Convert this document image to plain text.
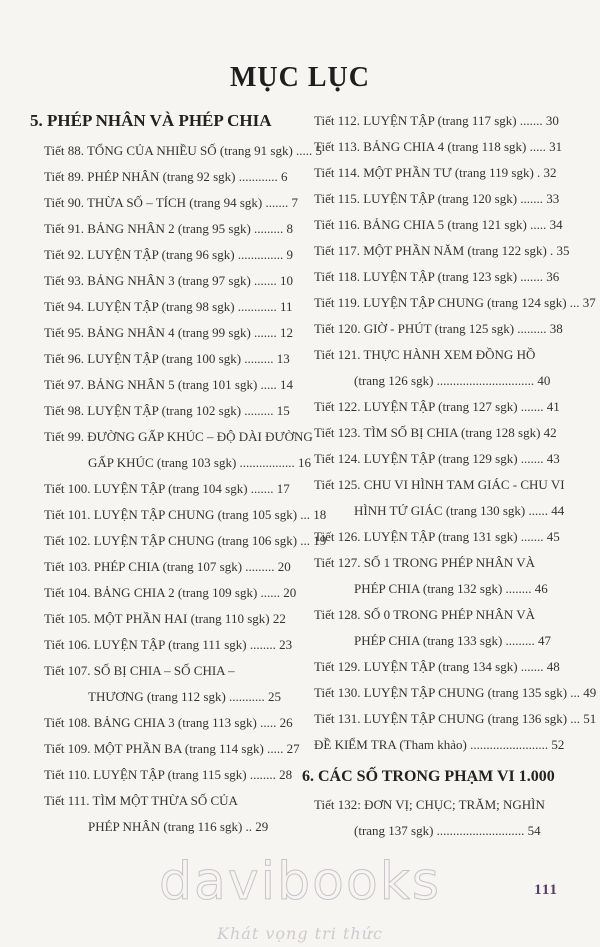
MỤC LỤC
5. PHÉP NHÂN VÀ PHÉP CHIA
Tiết 88. TỔNG CỦA NHIỀU SỐ (trang 91 sgk) ..... 5
Tiết 89. PHÉP NHÂN (trang 92 sgk) ............ 6
Tiết 90. THỪA SỐ – TÍCH (trang 94 sgk) ....... 7
Tiết 91. BẢNG NHÂN 2 (trang 95 sgk) ......... 8
Tiết 92. LUYỆN TẬP (trang 96 sgk) .............. 9
Tiết 93. BẢNG NHÂN 3 (trang 97 sgk) ....... 10
Tiết 94. LUYỆN TẬP (trang 98 sgk) ............ 11
Tiết 95. BẢNG NHÂN 4 (trang 99 sgk) ....... 12
Tiết 96. LUYỆN TẬP (trang 100 sgk) ......... 13
Tiết 97. BẢNG NHÂN 5 (trang 101 sgk) ..... 14
Tiết 98. LUYỆN TẬP (trang 102 sgk) ......... 15
Tiết 99. ĐƯỜNG GẤP KHÚC – ĐỘ DÀI ĐƯỜNG
GẤP KHÚC (trang 103 sgk) ................. 16
Tiết 100. LUYỆN TẬP (trang 104 sgk) ....... 17
Tiết 101. LUYỆN TẬP CHUNG (trang 105 sgk) ... 18
Tiết 102. LUYỆN TẬP CHUNG (trang 106 sgk) ... 19
Tiết 103. PHÉP CHIA (trang 107 sgk) ......... 20
Tiết 104. BẢNG CHIA 2 (trang 109 sgk) ...... 20
Tiết 105. MỘT PHẦN HAI (trang 110 sgk) 22
Tiết 106. LUYỆN TẬP (trang 111 sgk) ........ 23
Tiết 107. SỐ BỊ CHIA – SỐ CHIA –
THƯƠNG (trang 112 sgk) ........... 25
Tiết 108. BẢNG CHIA 3 (trang 113 sgk) ..... 26
Tiết 109. MỘT PHẦN BA (trang 114 sgk) ..... 27
Tiết 110. LUYỆN TẬP (trang 115 sgk) ........ 28
Tiết 111. TÌM MỘT THỪA SỐ CỦA
PHÉP NHÂN (trang 116 sgk) .. 29
Tiết 112. LUYỆN TẬP (trang 117 sgk) ....... 30
Tiết 113. BẢNG CHIA 4 (trang 118 sgk) ..... 31
Tiết 114. MỘT PHẦN TƯ (trang 119 sgk) . 32
Tiết 115. LUYỆN TẬP (trang 120 sgk) ....... 33
Tiết 116. BẢNG CHIA 5 (trang 121 sgk) ..... 34
Tiết 117. MỘT PHẦN NĂM (trang 122 sgk) . 35
Tiết 118. LUYỆN TẬP (trang 123 sgk) ....... 36
Tiết 119. LUYỆN TẬP CHUNG (trang 124 sgk) ... 37
Tiết 120. GIỜ - PHÚT (trang 125 sgk) ......... 38
Tiết 121. THỰC HÀNH XEM ĐỒNG HỒ
(trang 126 sgk) .............................. 40
Tiết 122. LUYỆN TẬP (trang 127 sgk) ....... 41
Tiết 123. TÌM SỐ BỊ CHIA (trang 128 sgk) 42
Tiết 124. LUYỆN TẬP (trang 129 sgk) ....... 43
Tiết 125. CHU VI HÌNH TAM GIÁC - CHU VI
HÌNH TỨ GIÁC (trang 130 sgk) ...... 44
Tiết 126. LUYỆN TẬP (trang 131 sgk) ....... 45
Tiết 127. SỐ 1 TRONG PHÉP NHÂN VÀ
PHÉP CHIA (trang 132 sgk) ........ 46
Tiết 128. SỐ 0 TRONG PHÉP NHÂN VÀ
PHÉP CHIA (trang 133 sgk) ......... 47
Tiết 129. LUYỆN TẬP (trang 134 sgk) ....... 48
Tiết 130. LUYỆN TẬP CHUNG (trang 135 sgk) ... 49
Tiết 131. LUYỆN TẬP CHUNG (trang 136 sgk) ... 51
ĐỀ KIỂM TRA (Tham khảo) ........................ 52
6. CÁC SỐ TRONG PHẠM VI 1.000
Tiết 132: ĐƠN VỊ; CHỤC; TRĂM; NGHÌN
(trang 137 sgk) ........................... 54
davibooks
Khát vọng tri thức
111
